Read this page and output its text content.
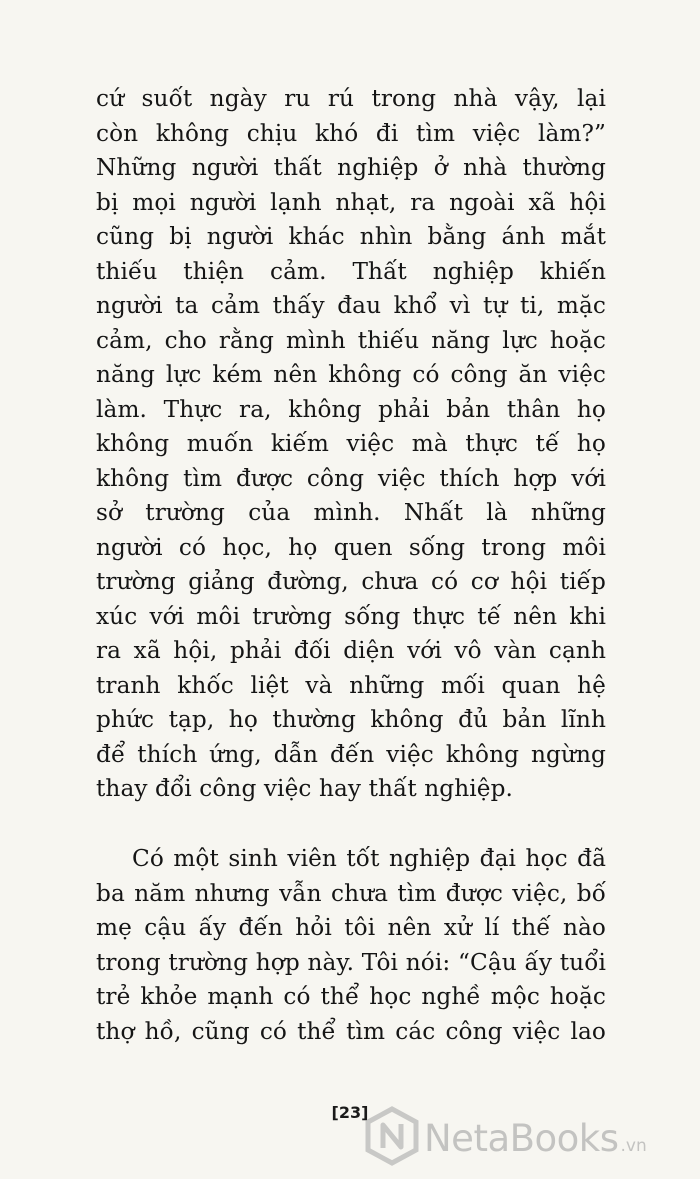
cứ suốt ngày ru rú trong nhà vậy, lại
còn không chịu khó đi tìm việc làm?”
Những người thất nghiệp ở nhà thường
bị mọi người lạnh nhạt, ra ngoài xã hội
cũng bị người khác nhìn bằng ánh mắt
thiếu thiện cảm. Thất nghiệp khiến
người ta cảm thấy đau khổ vì tự ti, mặc
cảm, cho rằng mình thiếu năng lực hoặc
năng lực kém nên không có công ăn việc
làm. Thực ra, không phải bản thân họ
không muốn kiếm việc mà thực tế họ
không tìm được công việc thích hợp với
sở trường của mình. Nhất là những
người có học, họ quen sống trong môi
trường giảng đường, chưa có cơ hội tiếp
xúc với môi trường sống thực tế nên khi
ra xã hội, phải đối diện với vô vàn cạnh
tranh khốc liệt và những mối quan hệ
phức tạp, họ thường không đủ bản lĩnh
để thích ứng, dẫn đến việc không ngừng
thay đổi công việc hay thất nghiệp.
Có một sinh viên tốt nghiệp đại học đã
ba năm nhưng vẫn chưa tìm được việc, bố
mẹ cậu ấy đến hỏi tôi nên xử lí thế nào
trong trường hợp này. Tôi nói: “Cậu ấy tuổi
trẻ khỏe mạnh có thể học nghề mộc hoặc
thợ hồ, cũng có thể tìm các công việc lao
[23]
NetaBooks .vn
